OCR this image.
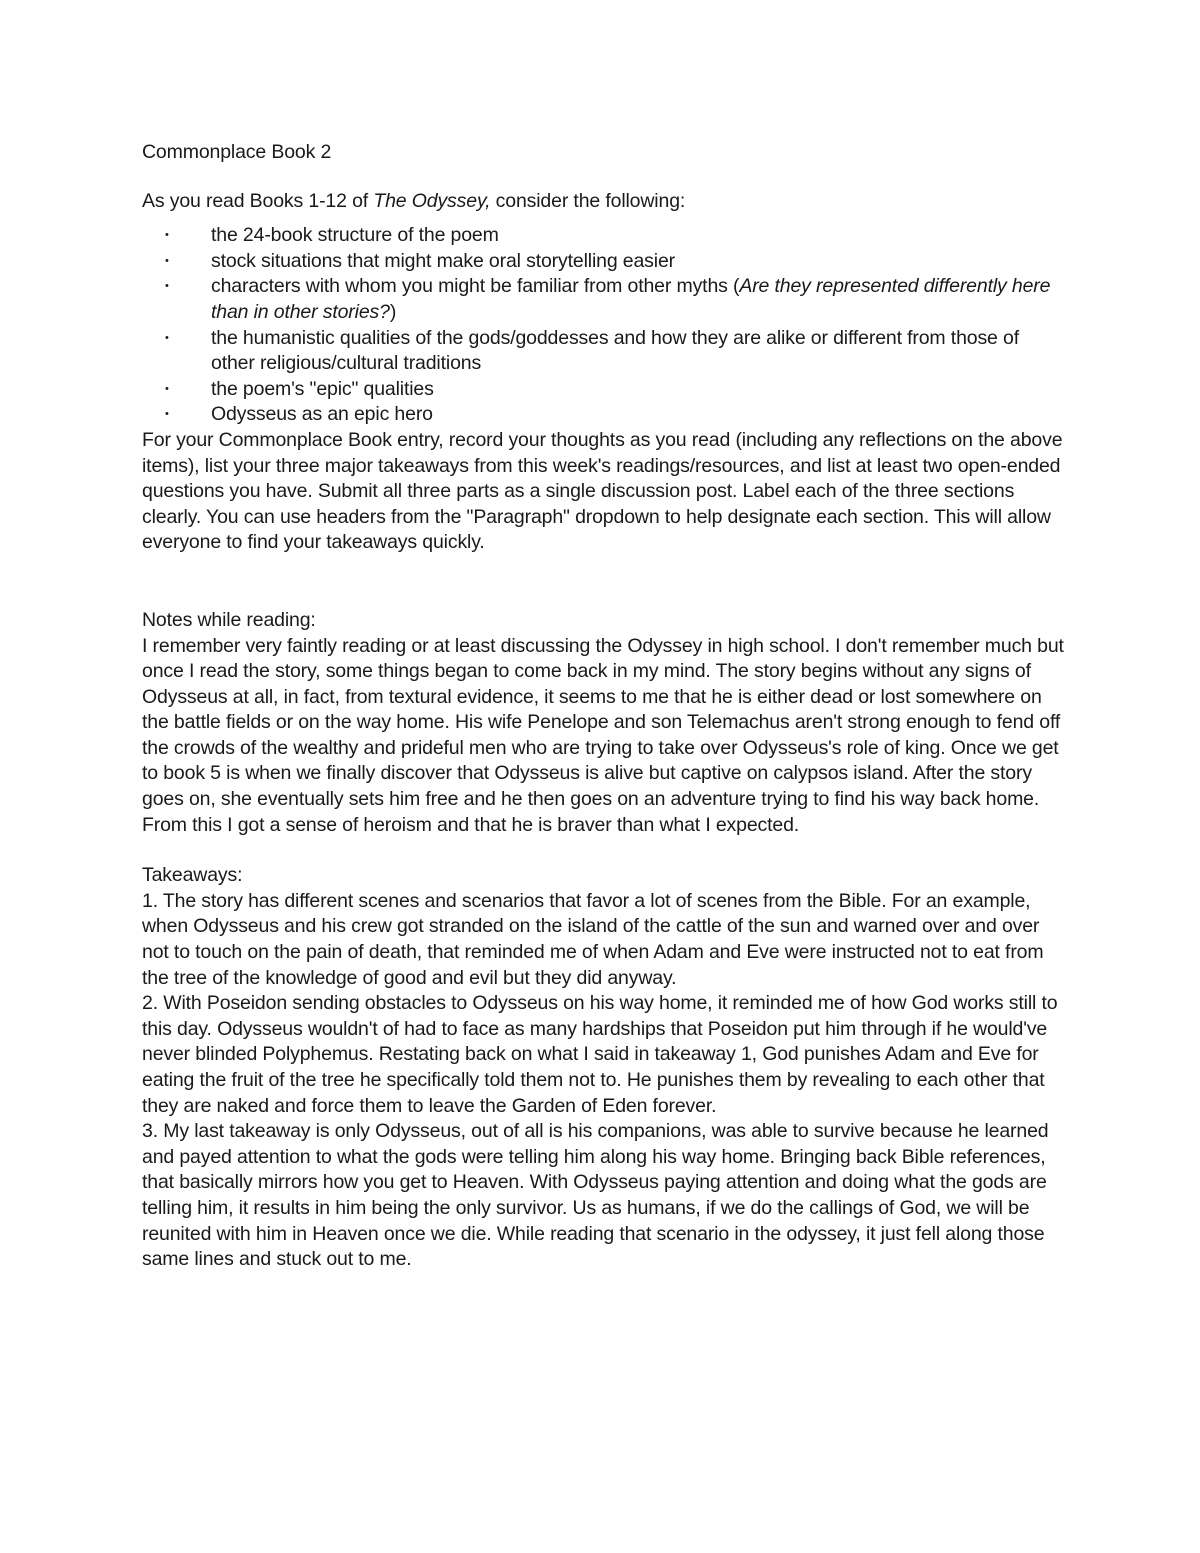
Commonplace Book 2

As you read Books 1-12 of The Odyssey, consider the following:

• the 24-book structure of the poem
• stock situations that might make oral storytelling easier
• characters with whom you might be familiar from other myths (Are they represented differently here than in other stories?)
• the humanistic qualities of the gods/goddesses and how they are alike or different from those of other religious/cultural traditions
• the poem's "epic" qualities
• Odysseus as an epic hero

For your Commonplace Book entry, record your thoughts as you read (including any reflections on the above items), list your three major takeaways from this week's readings/resources, and list at least two open-ended questions you have. Submit all three parts as a single discussion post. Label each of the three sections clearly. You can use headers from the "Paragraph" dropdown to help designate each section. This will allow everyone to find your takeaways quickly.

Notes while reading:

I remember very faintly reading or at least discussing the Odyssey in high school. I don't remember much but once I read the story, some things began to come back in my mind. The story begins without any signs of Odysseus at all, in fact, from textural evidence, it seems to me that he is either dead or lost somewhere on the battle fields or on the way home. His wife Penelope and son Telemachus aren't strong enough to fend off the crowds of the wealthy and prideful men who are trying to take over Odysseus's role of king. Once we get to book 5 is when we finally discover that Odysseus is alive but captive on calypsos island. After the story goes on, she eventually sets him free and he then goes on an adventure trying to find his way back home. From this I got a sense of heroism and that he is braver than what I expected.

Takeaways:

1. The story has different scenes and scenarios that favor a lot of scenes from the Bible. For an example, when Odysseus and his crew got stranded on the island of the cattle of the sun and warned over and over not to touch on the pain of death, that reminded me of when Adam and Eve were instructed not to eat from the tree of the knowledge of good and evil but they did anyway.

2. With Poseidon sending obstacles to Odysseus on his way home, it reminded me of how God works still to this day. Odysseus wouldn't of had to face as many hardships that Poseidon put him through if he would've never blinded Polyphemus. Restating back on what I said in takeaway 1, God punishes Adam and Eve for eating the fruit of the tree he specifically told them not to. He punishes them by revealing to each other that they are naked and force them to leave the Garden of Eden forever.

3. My last takeaway is only Odysseus, out of all is his companions, was able to survive because he learned and payed attention to what the gods were telling him along his way home. Bringing back Bible references, that basically mirrors how you get to Heaven. With Odysseus paying attention and doing what the gods are telling him, it results in him being the only survivor. Us as humans, if we do the callings of God, we will be reunited with him in Heaven once we die. While reading that scenario in the odyssey, it just fell along those same lines and stuck out to me.
